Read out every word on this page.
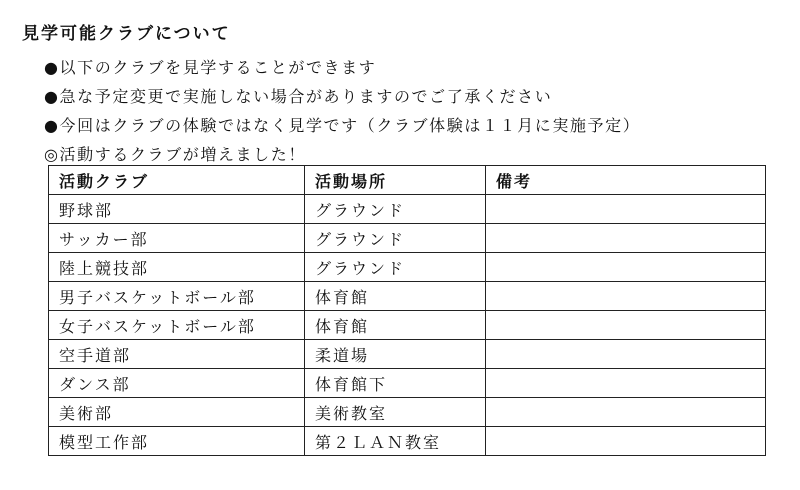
見学可能クラブについて
●以下のクラブを見学することができます
●急な予定変更で実施しない場合がありますのでご了承ください
●今回はクラブの体験ではなく見学です（クラブ体験は１１月に実施予定）
◎活動するクラブが増えました！
活動クラブ	活動場所	備考
野球部	グラウンド	
サッカー部	グラウンド	
陸上競技部	グラウンド	
男子バスケットボール部	体育館	
女子バスケットボール部	体育館	
空手道部	柔道場	
ダンス部	体育館下	
美術部	美術教室	
模型工作部	第２ＬＡＮ教室	
